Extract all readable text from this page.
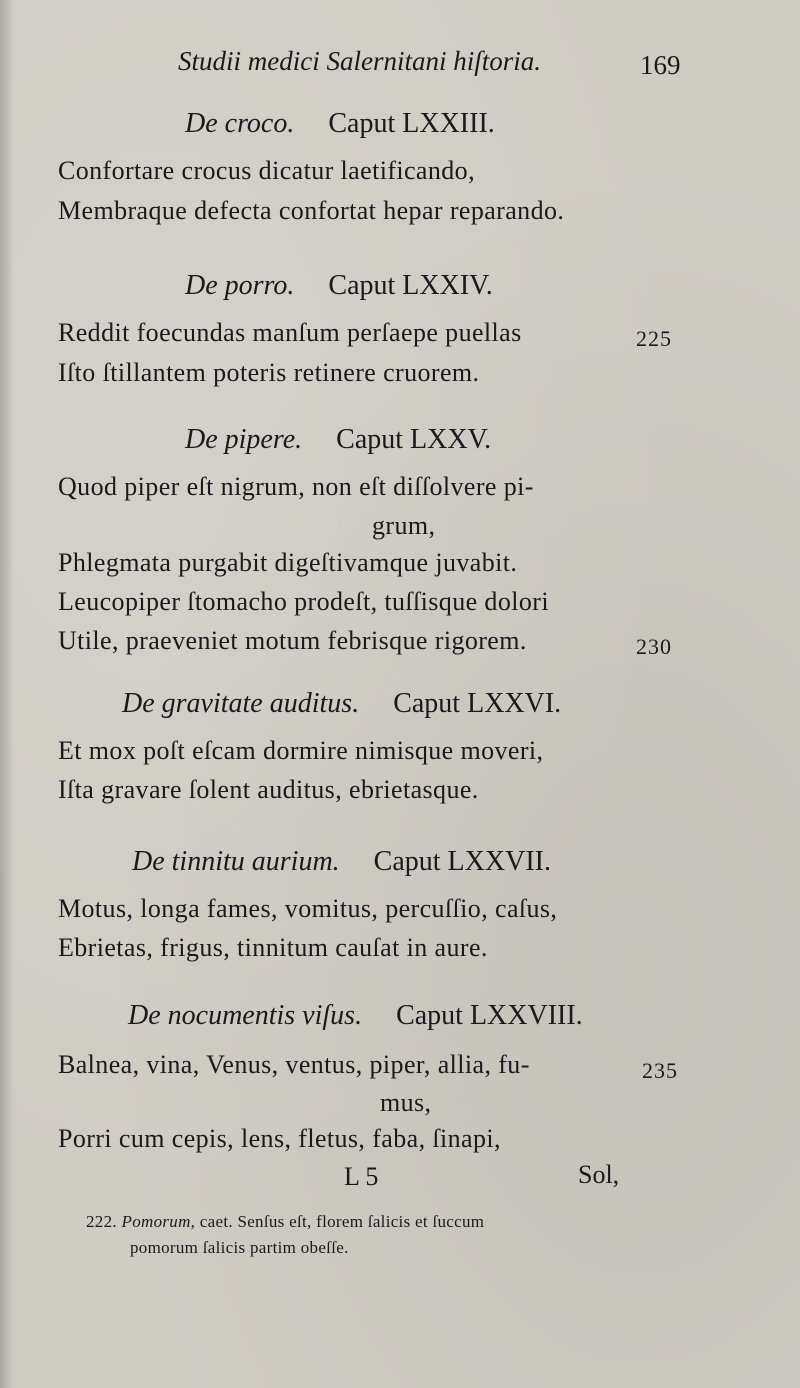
Studii medici Salernitani hiſtoria.	169
De croco. Caput LXXIII.
Confortare crocus dicatur laetificando,
Membraque defecta confortat hepar reparando.
De porro. Caput LXXIV.
Reddit foecundas manſum perſaepe puellas	225
Iſto ſtillantem poteris retinere cruorem.
De pipere. Caput LXXV.
Quod piper eſt nigrum, non eſt diſſolvere pi-
grum,
Phlegmata purgabit digeſtivamque juvabit.
Leucopiper ſtomacho prodeſt, tuſſisque dolori
Utile, praeveniet motum febrisque rigorem.	230
De gravitate auditus. Caput LXXVI.
Et mox poſt eſcam dormire nimisque moveri,
Iſta gravare ſolent auditus, ebrietasque.
De tinnitu aurium. Caput LXXVII.
Motus, longa fames, vomitus, percuſſio, caſus,
Ebrietas, frigus, tinnitum cauſat in aure.
De nocumentis viſus. Caput LXXVIII.
Balnea, vina, Venus, ventus, piper, allia, fu-	235
mus,
Porri cum cepis, lens, fletus, faba, ſinapi,
L 5	Sol,
222. Pomorum, caet. Senſus eſt, florem ſalicis et ſuccum
pomorum ſalicis partim obeſſe.
